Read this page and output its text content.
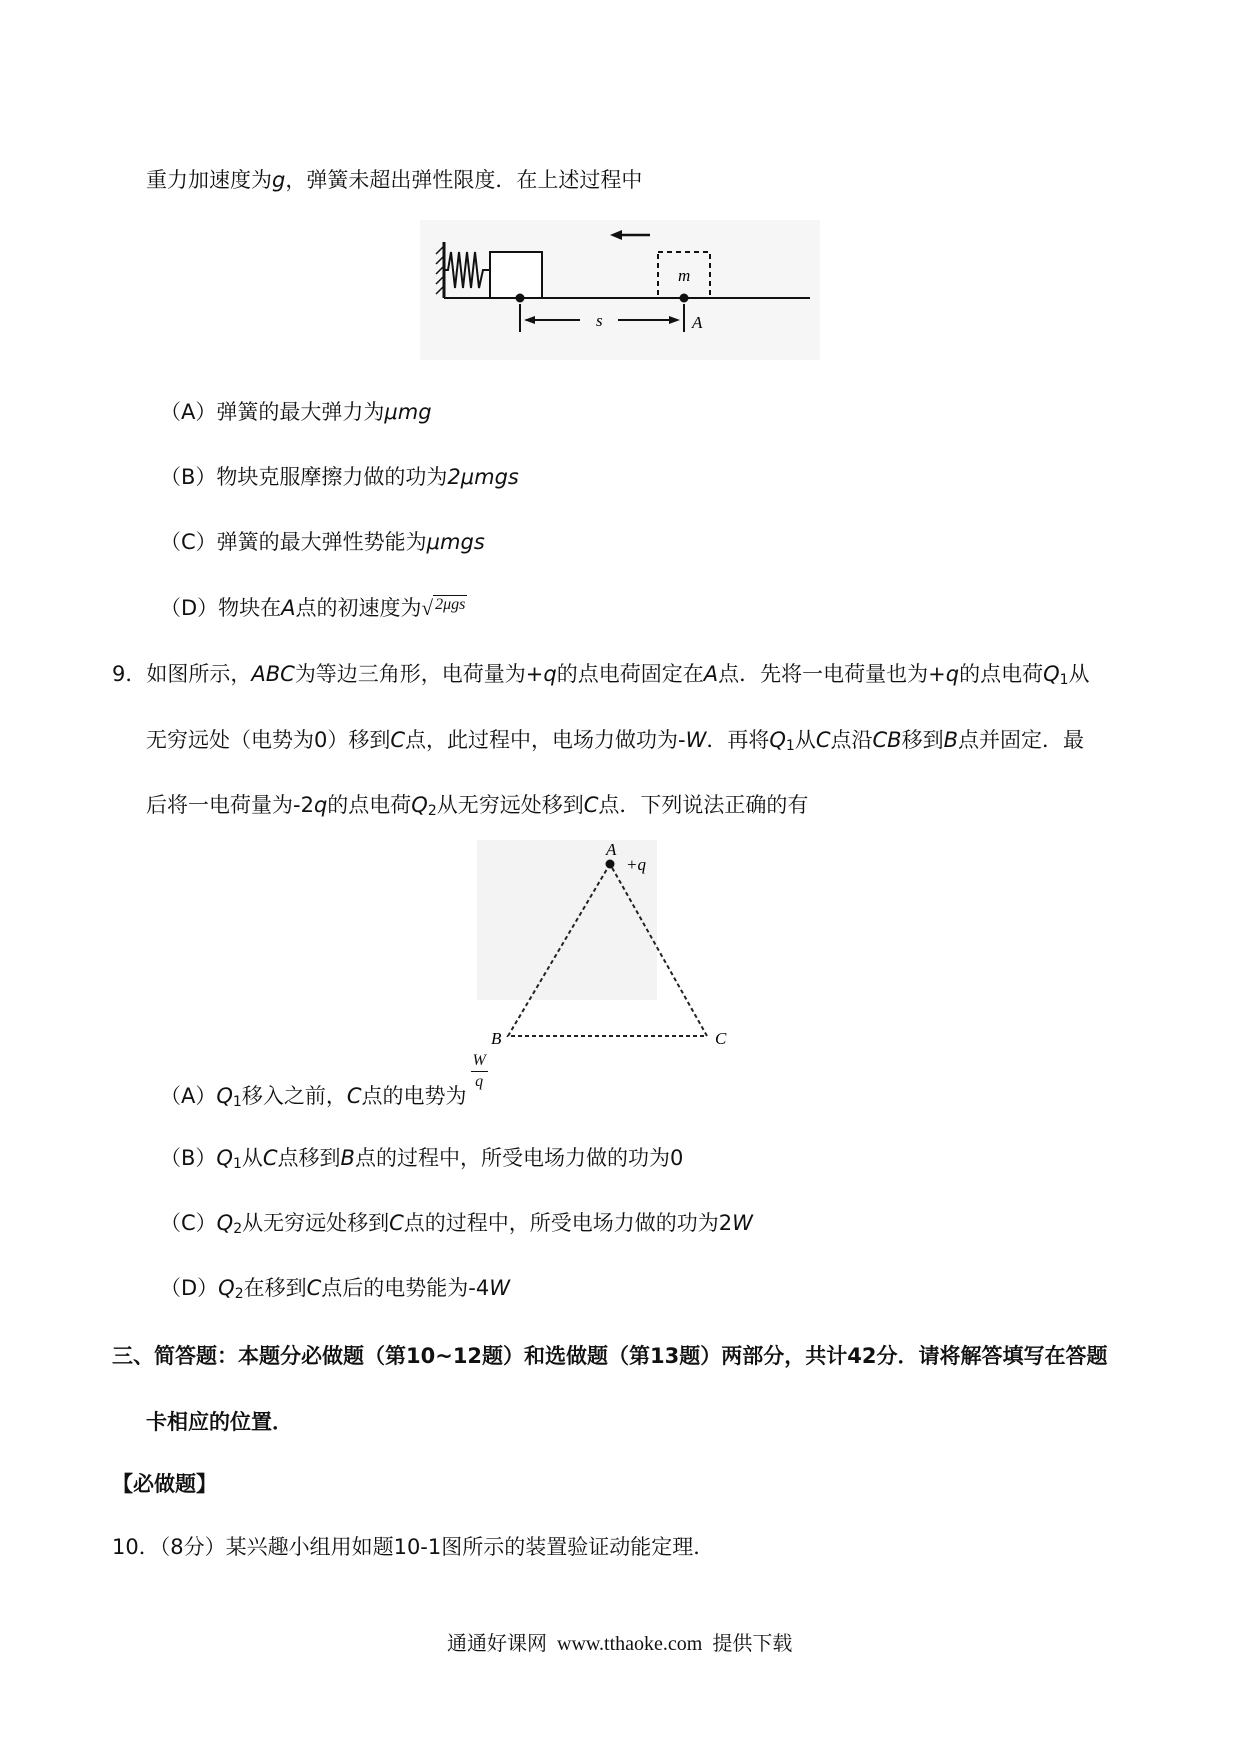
重力加速度为g，弹簧未超出弹性限度．在上述过程中
m
s	A
（A）弹簧的最大弹力为μmg
（B）物块克服摩擦力做的功为2μmgs
（C）弹簧的最大弹性势能为μmgs
（D）物块在A点的初速度为√ $^{2\mu gs}$
9．如图所示，ABC为等边三角形，电荷量为+q的点电荷固定在A点．先将一电荷量也为+q的点电荷$Q_1$从
无穷远处（电势为0）移到C点，此过程中，电场力做功为-W．再将$Q_1$从C点沿CB移到B点并固定．最
后将一电荷量为-2q的点电荷$Q_2$从无穷远处移到C点．下列说法正确的有
A
+q
B	C
$(A)Q_1$移入之前，C点的电势为
$\frac{W}{q}$
$(B)Q_1$从C点移到B点的过程中，所受电场力做的功为0
$(C)Q_2$从无穷远处移到C点的过程中，所受电场力做的功为2W
$(D)Q_2$在移到C点后的电势能为-4W
三、简答题：本题分必做题（第10~12题）和选做题（第13题）两部分，共计42分．请将解答填写在答题
卡相应的位置．
【必做题】
10．（8分）某兴趣小组用如题10-1图所示的装置验证动能定理．
通通好课网  www.tthaoke.com  提供下载
